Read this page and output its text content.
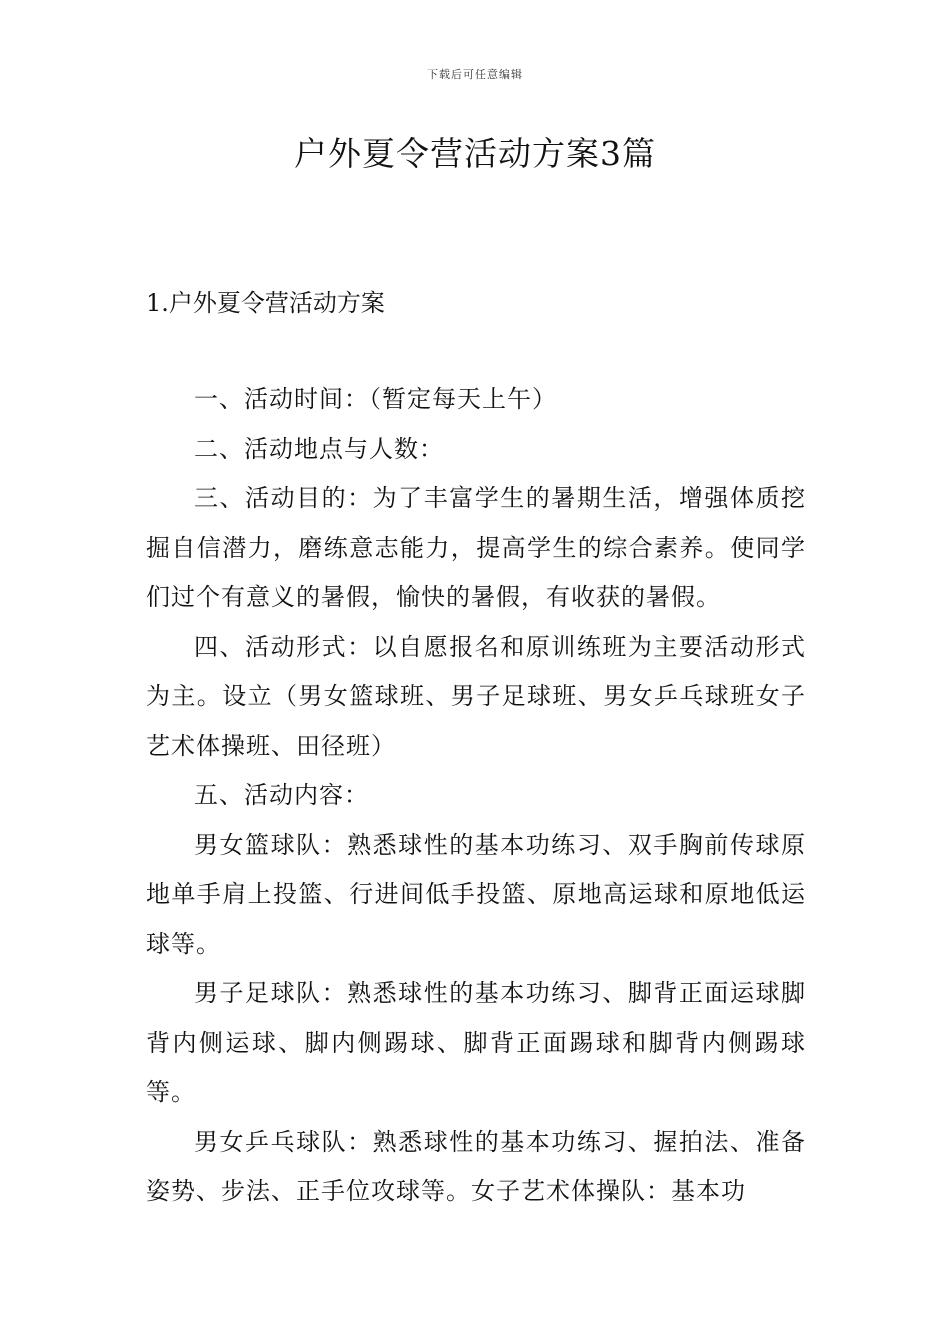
下载后可任意编辑
户外夏令营活动方案3篇
1.户外夏令营活动方案

一、活动时间：（暂定每天上午）

二、活动地点与人数：

三、活动目的：为了丰富学生的暑期生活，增强体质挖掘自信潜力，磨练意志能力，提高学生的综合素养。使同学们过个有意义的暑假，愉快的暑假，有收获的暑假。

四、活动形式：以自愿报名和原训练班为主要活动形式为主。设立（男女篮球班、男子足球班、男女乒乓球班女子艺术体操班、田径班）

五、活动内容：

男女篮球队：熟悉球性的基本功练习、双手胸前传球原地单手肩上投篮、行进间低手投篮、原地高运球和原地低运球等。

男子足球队：熟悉球性的基本功练习、脚背正面运球脚背内侧运球、脚内侧踢球、脚背正面踢球和脚背内侧踢球等。

男女乒乓球队：熟悉球性的基本功练习、握拍法、准备姿势、步法、正手位攻球等。女子艺术体操队：基本功
